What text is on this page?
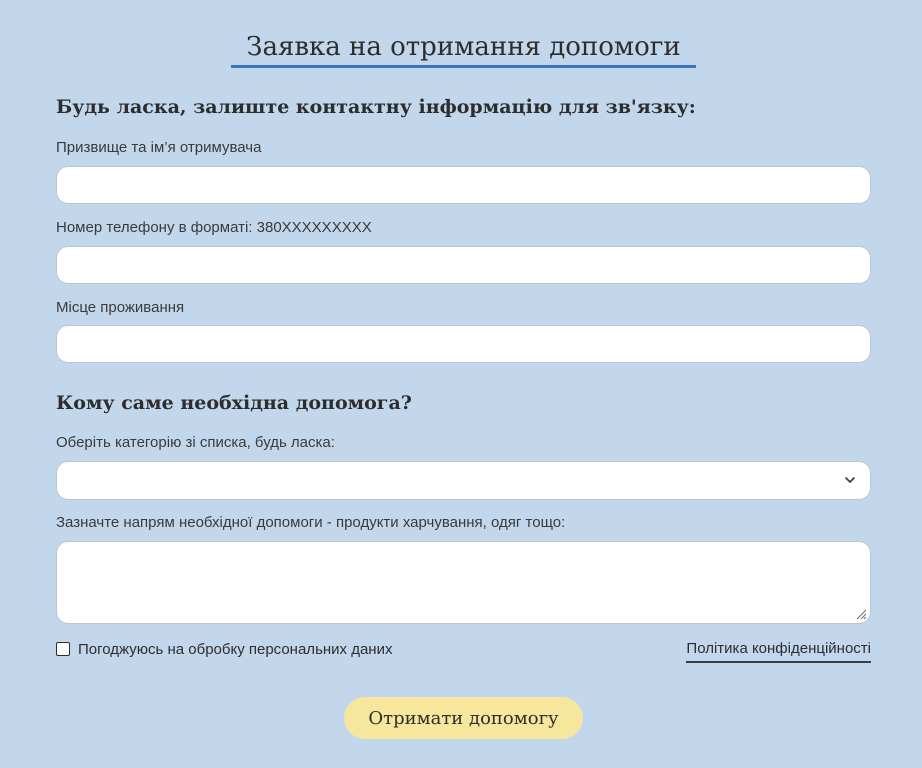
Заявка на отримання допомоги
Будь ласка, залиште контактну інформацію для зв'язку:
Призвище та ім’я отримувача
Номер телефону в форматі: 380XXXXXXXXX
Місце проживання
Кому саме необхідна допомога?
Оберіть категорію зі списка, будь ласка:
Зазначте напрям необхідної допомоги - продукти харчування, одяг тощо:
Погоджуюсь на обробку персональних даних	Політика конфіденційності
Отримати допомогу
